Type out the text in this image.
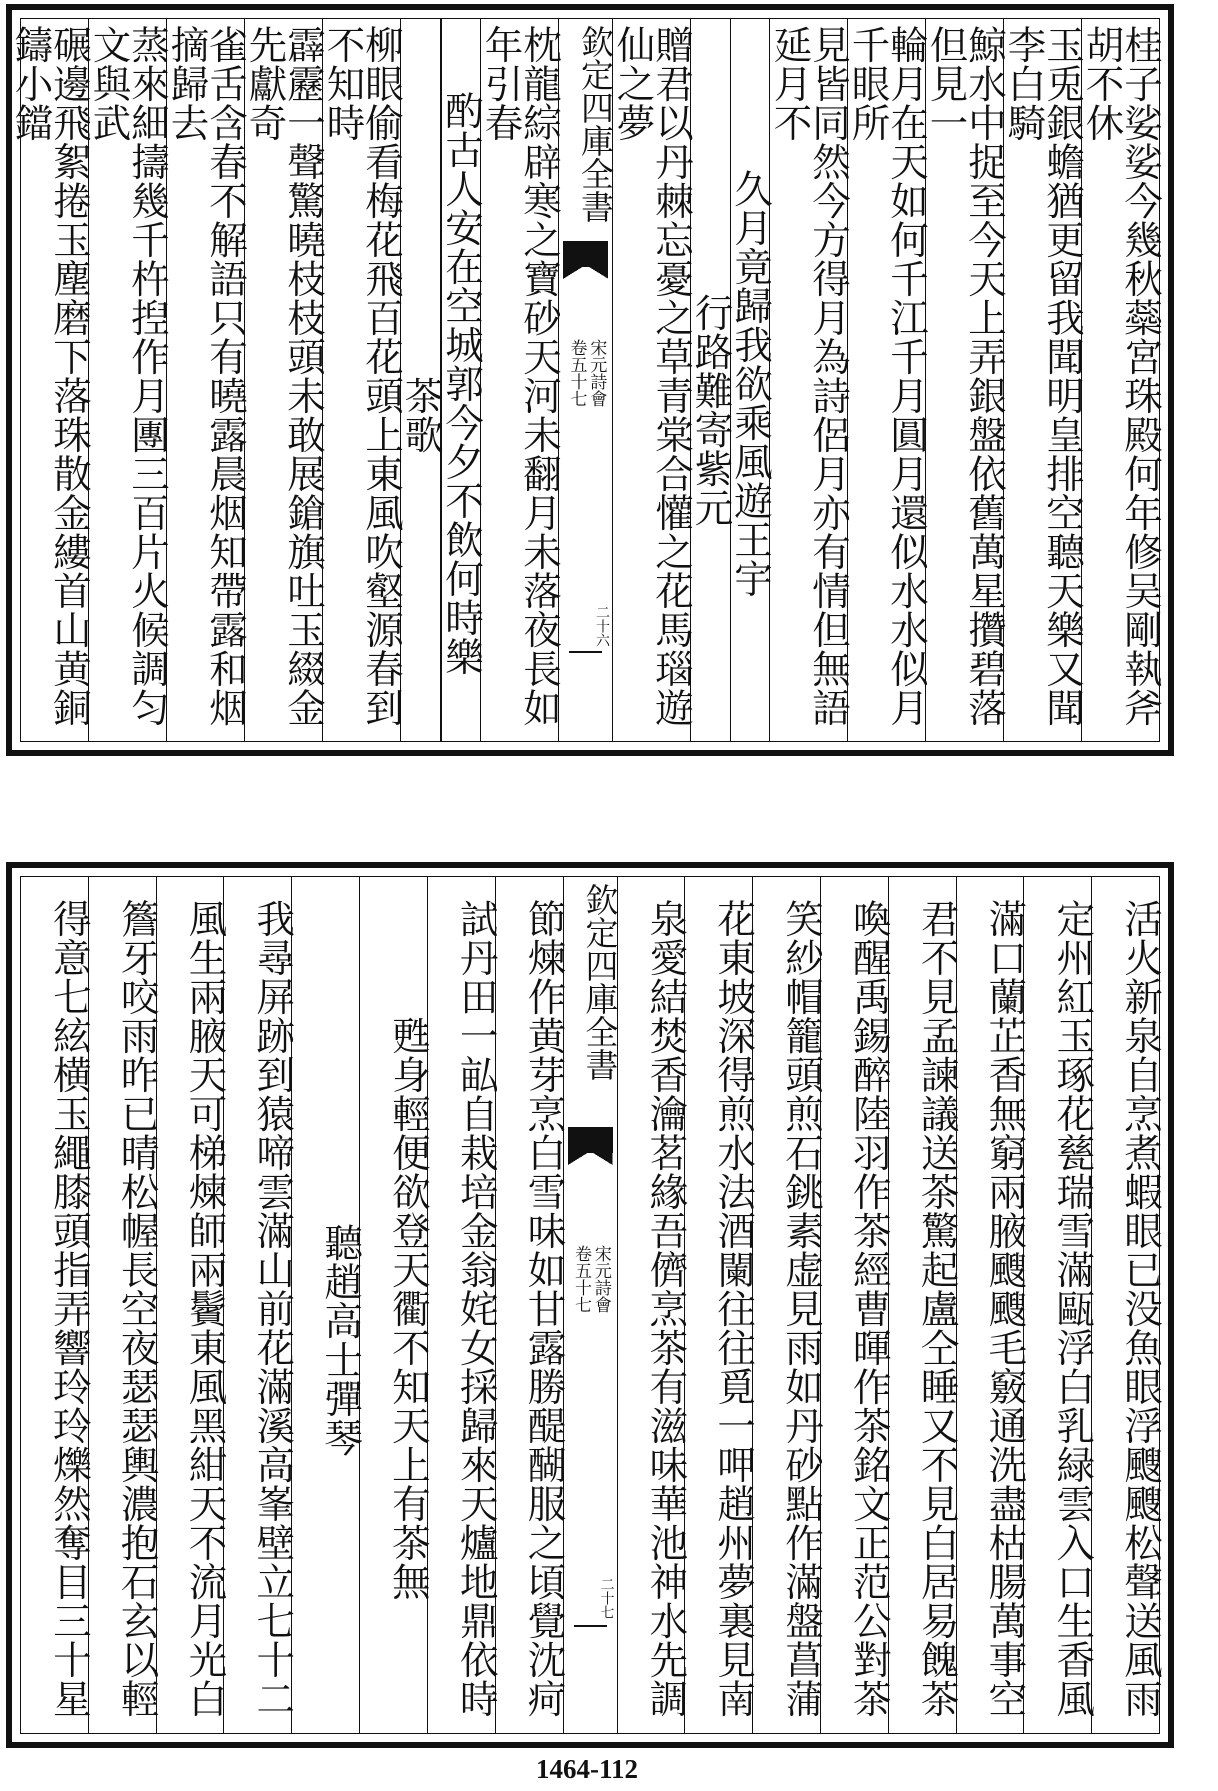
桂子娑娑今幾秋蘂宮珠殿何年修吴剛執斧胡不休
玉兎銀蟾猶更留我聞明皇排空聽天樂又聞李白騎
鯨水中捉至今天上弄銀盤依舊萬星攢碧落但見一
輪月在天如何千江千月圓月還似水水似月千眼所
見皆同然今方得月為詩侶月亦有情但無語延月不
久月竟歸我欲乘風遊王宇
行路難寄紫元
贈君以丹棘忘憂之草青棠合懽之花馬瑙遊仙之夢
欽定四庫全書
宋元詩會
卷五十七
二十六
枕龍綜辟寒之寶砂天河未翻月未落夜長如年引春
酌古人安在空城郭今夕不飲何時樂
茶歌
柳眼偷看梅花飛百花頭上東風吹壑源春到不知時
霹靂一聲驚曉枝枝頭未敢展鎗旗吐玉綴金先獻奇
雀舌含春不解語只有曉露晨烟知帶露和烟摘歸去
蒸來細擣幾千杵揑作月團三百片火候調匀文與武
碾邊飛絮捲玉塵磨下落珠散金縷首山黄銅鑄小鐺
活火新泉自烹煮蝦眼已没魚眼浮颼颼松聲送風雨
定州紅玉琢花甆瑞雪滿甌浮白乳緑雲入口生香風
滿口蘭芷香無窮兩腋颼颼毛竅通洗盡枯腸萬事空
君不見孟諫議送茶驚起盧仝睡又不見白居易餽茶
喚醒禹錫醉陸羽作茶經曹暉作茶銘文正范公對茶
笑紗帽籠頭煎石銚素虚見雨如丹砂點作滿盤菖蒲
花東坡深得煎水法酒闌往往覓一呷趙州夢裏見南
泉愛結焚香瀹茗緣吾儕烹茶有滋味華池神水先調
欽定四庫全書
宋元詩會
卷五十七
二十七
節煉作黄芽烹白雪味如甘露勝醍醐服之頃覺沈疴
試丹田一畆自栽培金翁姹女採歸來天爐地鼎依時
甦身輕便欲登天衢不知天上有茶無
聽趙高士彈琴
我尋屏跡到猿啼雲滿山前花滿溪高峯壁立七十二
風生兩腋天可梯煉師兩鬢東風黑紺天不流月光白
簷牙咬雨昨已晴松幄長空夜瑟瑟輿濃抱石玄以輕
得意七絃横玉繩膝頭指弄響玲玲爍然奪目三十星
1464-112
